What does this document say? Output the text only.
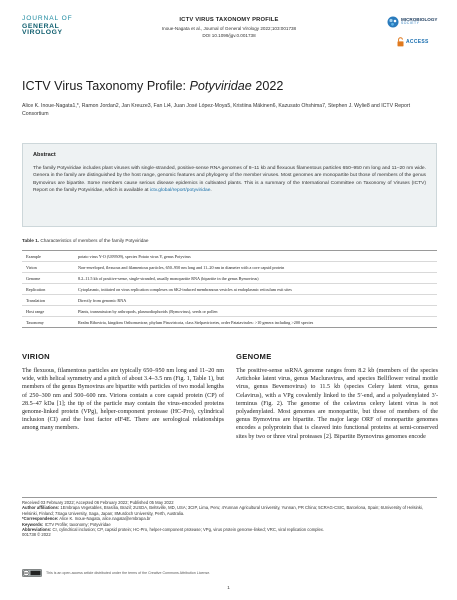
JOURNAL OF
GENERAL VIROLOGY
ICTV VIRUS TAXONOMY PROFILE
Inoue-Nagata et al., Journal of General Virology 2022;103:001738
DOI 10.1099/jgv.0.001738
MICROBIOLOGY
SOCIETY
ACCESS
ICTV Virus Taxonomy Profile: Potyviridae 2022
Alice K. Inoue-Nagata1,*, Ramon Jordan2, Jan Kreuze3, Fan Li4, Juan José López-Moya5, Kristiina Mäkinen6, Kazusato Ohshima7, Stephen J. Wylie8 and ICTV Report Consortium
Abstract
The family Potyviridae includes plant viruses with single-stranded, positive-sense RNA genomes of 8–11 kb and flexuous filamentous particles 650–950 nm long and 11–20 nm wide. Genera in the family are distinguished by the host range, genomic features and phylogeny of the member viruses. Most genomes are monopartite but those of members of the genus Bymovirus are bipartite. Some members cause serious disease epidemics in cultivated plants. This is a summary of the International Committee on Taxonomy of Viruses (ICTV) Report on the family Potyviridae, which is available at ictv.global/report/potyviridae.
Table 1. Characteristics of members of the family Potyviridae
Example	potato virus Y-O (U09509), species Potato virus Y, genus Potyvirus
Virion	Non-enveloped, flexuous and filamentous particles, 650–950 nm long and 11–20 nm in diameter with a core capsid protein
Genome	8.2–11.5 kb of positive-sense, single-stranded, usually monopartite RNA (bipartite in the genus Bymovirus)
Replication	Cytoplasmic, initiated on virus replication complexes on 6K2-induced membranous vesicles at endoplasmic reticulum exit sites
Translation	Directly from genomic RNA
Host range	Plants, transmission by arthropods, plasmodiophorids (Bymovirus), seeds or pollen
Taxonomy	Realm Riboviria, kingdom Orthornavirae, phylum Pisuviricota, class Stelpaviricetes, order Patatavirales: >10 genera including >200 species
VIRION
The flexuous, filamentous particles are typically 650–950 nm long and 11–20 nm wide, with helical symmetry and a pitch of about 3.4–3.5 nm (Fig. 1, Table 1), but members of the genus Bymovirus are bipartite with particles of two modal lengths of 250–300 nm and 500–600 nm. Virions contain a core capsid protein (CP) of 28.5–47 kDa [1]; the tip of the particle may contain the virus-encoded proteins genome-linked protein (VPg), helper-component protease (HC-Pro), cylindrical inclusion (CI) and the host factor eIF4E. There are serological relationships among many members.
GENOME
The positive-sense ssRNA genome ranges from 8.2 kb (members of the species Artichoke latent virus, genus Macluravirus, and species Bellflower veinal mottle virus, genus Bevemovirus) to 11.5 kb (species Celery latent virus, genus Celavirus), with a VPg covalently linked to the 5′-end, and a polyadenylated 3′-terminus (Fig. 2). The genome of the celavirus celery latent virus is not polyadenylated. Most genomes are monopartite, but those of members of the genus Bymovirus are bipartite. The major large ORF of monopartite genomes encodes a polyprotein that is cleaved into functional proteins at semi-conserved sites by two or three viral proteases [2]. Bipartite Bymovirus genomes encode
Received 03 February 2022; Accepted 06 February 2022; Published 05 May 2022
Author affiliations: 1Embrapa Vegetables, Brasília, Brazil; 2USDA, Beltsville, MD, USA; 3CIP, Lima, Peru; 4Yunnan Agricultural University, Yunnan, PR China; 5CRAG-CSIC, Barcelona, Spain; 6University of Helsinki, Helsinki, Finland; 7Saga University, Saga, Japan; 8Murdoch University, Perth, Australia.
*Correspondence: Alice K. Inoue-Nagata, alice.nagata@embrapa.br
Keywords: ICTV Profile; taxonomy; Potyviridae
Abbreviations: CI, cylindrical inclusion; CP, capsid protein; HC-Pro, helper-component protease; VPg, virus protein genome-linked; VRC, viral replication complex.
001738 © 2022
cc	This is an open-access article distributed under the terms of the Creative Commons Attribution License.
1
